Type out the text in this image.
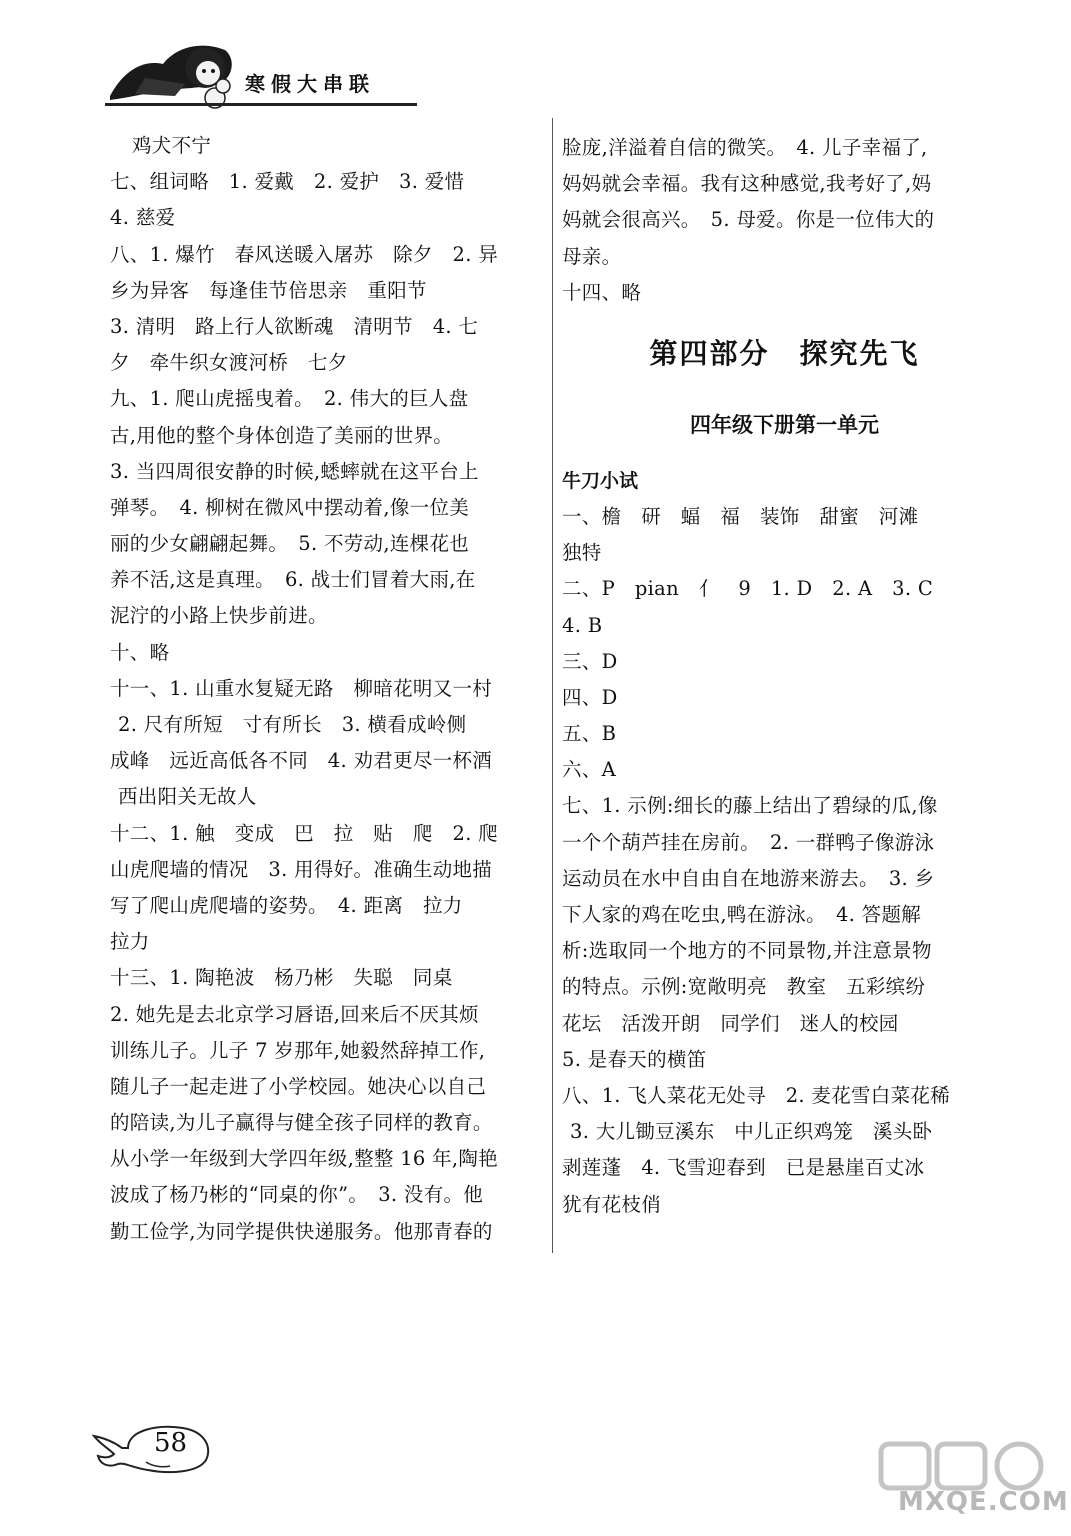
寒假大串联
鸡犬不宁
七、组词略　1. 爱戴　2. 爱护　3. 爱惜
4. 慈爱
八、1. 爆竹　春风送暖入屠苏　除夕　2. 异
乡为异客　每逢佳节倍思亲　重阳节
3. 清明　路上行人欲断魂　清明节　4. 七
夕　牵牛织女渡河桥　七夕
九、1. 爬山虎摇曳着。　2. 伟大的巨人盘
古,用他的整个身体创造了美丽的世界。
3. 当四周很安静的时候,蟋蟀就在这平台上
弹琴。　4. 柳树在微风中摆动着,像一位美
丽的少女翩翩起舞。　5. 不劳动,连棵花也
养不活,这是真理。　6. 战士们冒着大雨,在
泥泞的小路上快步前进。
十、略
十一、1. 山重水复疑无路　柳暗花明又一村
2. 尺有所短　寸有所长　3. 横看成岭侧
成峰　远近高低各不同　4. 劝君更尽一杯酒
西出阳关无故人
十二、1. 触　变成　巴　拉　贴　爬　2. 爬
山虎爬墙的情况　3. 用得好。准确生动地描
写了爬山虎爬墙的姿势。　4. 距离　拉力
拉力
十三、1. 陶艳波　杨乃彬　失聪　同桌
2. 她先是去北京学习唇语,回来后不厌其烦
训练儿子。儿子 7 岁那年,她毅然辞掉工作,
随儿子一起走进了小学校园。她决心以自己
的陪读,为儿子赢得与健全孩子同样的教育。
从小学一年级到大学四年级,整整 16 年,陶艳
波成了杨乃彬的“同桌的你”。　3. 没有。他
勤工俭学,为同学提供快递服务。他那青春的
脸庞,洋溢着自信的微笑。　4. 儿子幸福了,
妈妈就会幸福。我有这种感觉,我考好了,妈
妈就会很高兴。　5. 母爱。你是一位伟大的
母亲。
十四、略
第四部分　探究先飞
四年级下册第一单元
牛刀小试
一、檐　研　蝠　福　装饰　甜蜜　河滩
独特
二、P　pian　亻　9　1. D　2. A　3. C
4. B
三、D
四、D
五、B
六、A
七、1. 示例:细长的藤上结出了碧绿的瓜,像
一个个葫芦挂在房前。　2. 一群鸭子像游泳
运动员在水中自由自在地游来游去。　3. 乡
下人家的鸡在吃虫,鸭在游泳。　4. 答题解
析:选取同一个地方的不同景物,并注意景物
的特点。示例:宽敞明亮　教室　五彩缤纷
花坛　活泼开朗　同学们　迷人的校园
5. 是春天的横笛
八、1. 飞人菜花无处寻　2. 麦花雪白菜花稀
3. 大儿锄豆溪东　中儿正织鸡笼　溪头卧
剥莲蓬　4. 飞雪迎春到　已是悬崖百丈冰
犹有花枝俏
58
MXQE.COM
